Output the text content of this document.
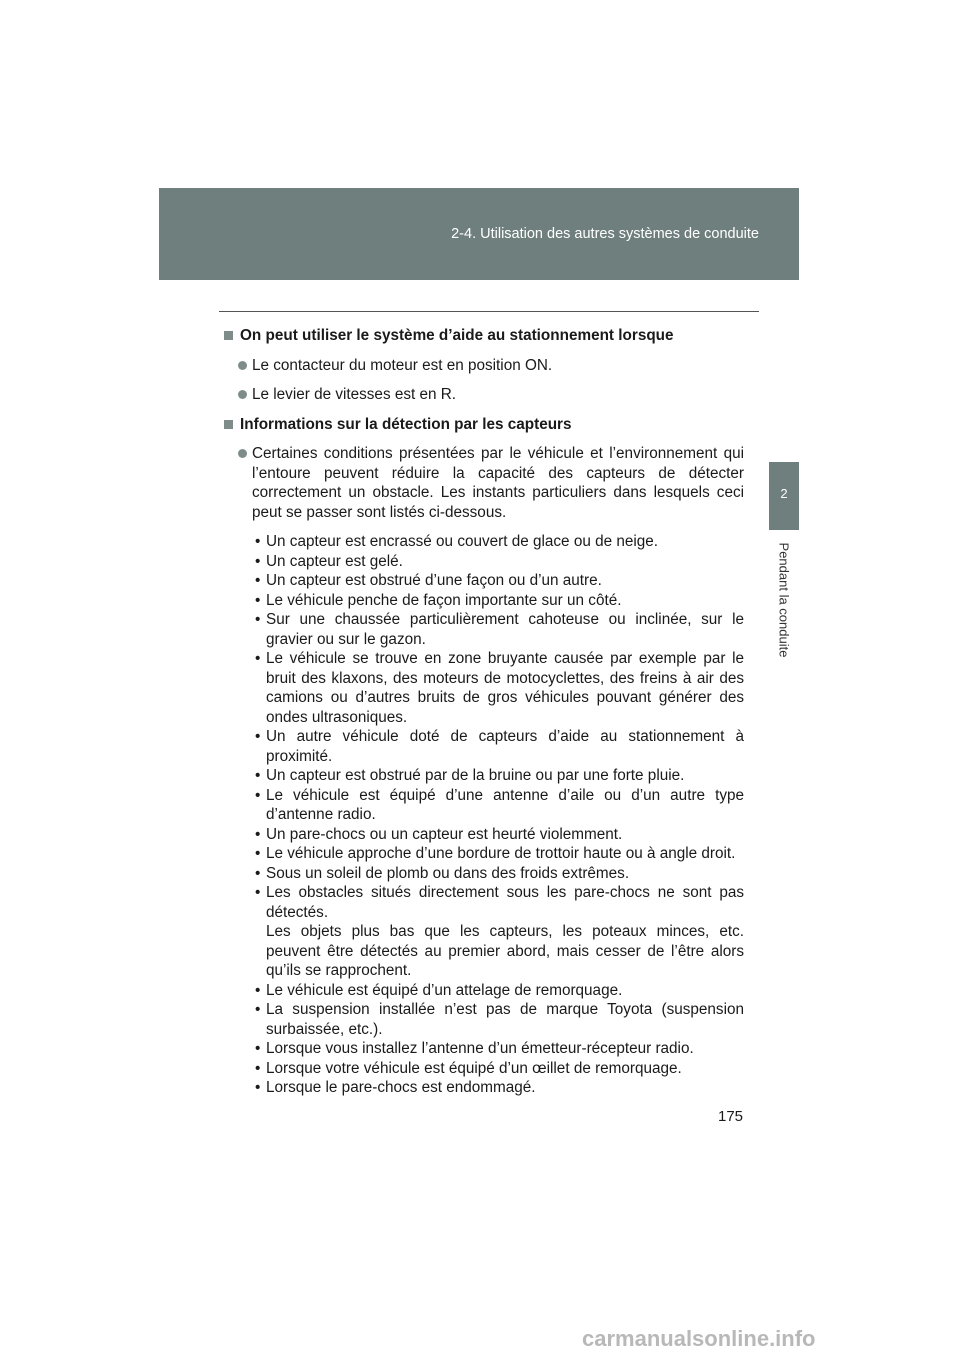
2-4. Utilisation des autres systèmes de conduite
2
Pendant la conduite
On peut utiliser le système d’aide au stationnement lorsque
Le contacteur du moteur est en position ON.
Le levier de vitesses est en R.
Informations sur la détection par les capteurs
Certaines conditions présentées par le véhicule et l’environnement qui l’entoure peuvent réduire la capacité des capteurs de détecter correctement un obstacle. Les instants particuliers dans lesquels ceci peut se passer sont listés ci-dessous.
• Un capteur est encrassé ou couvert de glace ou de neige.
• Un capteur est gelé.
• Un capteur est obstrué d’une façon ou d’un autre.
• Le véhicule penche de façon importante sur un côté.
• Sur une chaussée particulièrement cahoteuse ou inclinée, sur le gravier ou sur le gazon.
• Le véhicule se trouve en zone bruyante causée par exemple par le bruit des klaxons, des moteurs de motocyclettes, des freins à air des camions ou d’autres bruits de gros véhicules pouvant générer des ondes ultrasoniques.
• Un autre véhicule doté de capteurs d’aide au stationnement à proximité.
• Un capteur est obstrué par de la bruine ou par une forte pluie.
• Le véhicule est équipé d’une antenne d’aile ou d’un autre type d’antenne radio.
• Un pare-chocs ou un capteur est heurté violemment.
• Le véhicule approche d’une bordure de trottoir haute ou à angle droit.
• Sous un soleil de plomb ou dans des froids extrêmes.
• Les obstacles situés directement sous les pare-chocs ne sont pas détectés.
Les objets plus bas que les capteurs, les poteaux minces, etc. peuvent être détectés au premier abord, mais cesser de l’être alors qu’ils se rapprochent.
• Le véhicule est équipé d’un attelage de remorquage.
• La suspension installée n’est pas de marque Toyota (suspension surbaissée, etc.).
• Lorsque vous installez l’antenne d’un émetteur-récepteur radio.
• Lorsque votre véhicule est équipé d’un œillet de remorquage.
• Lorsque le pare-chocs est endommagé.
175
carmanualsonline.info
